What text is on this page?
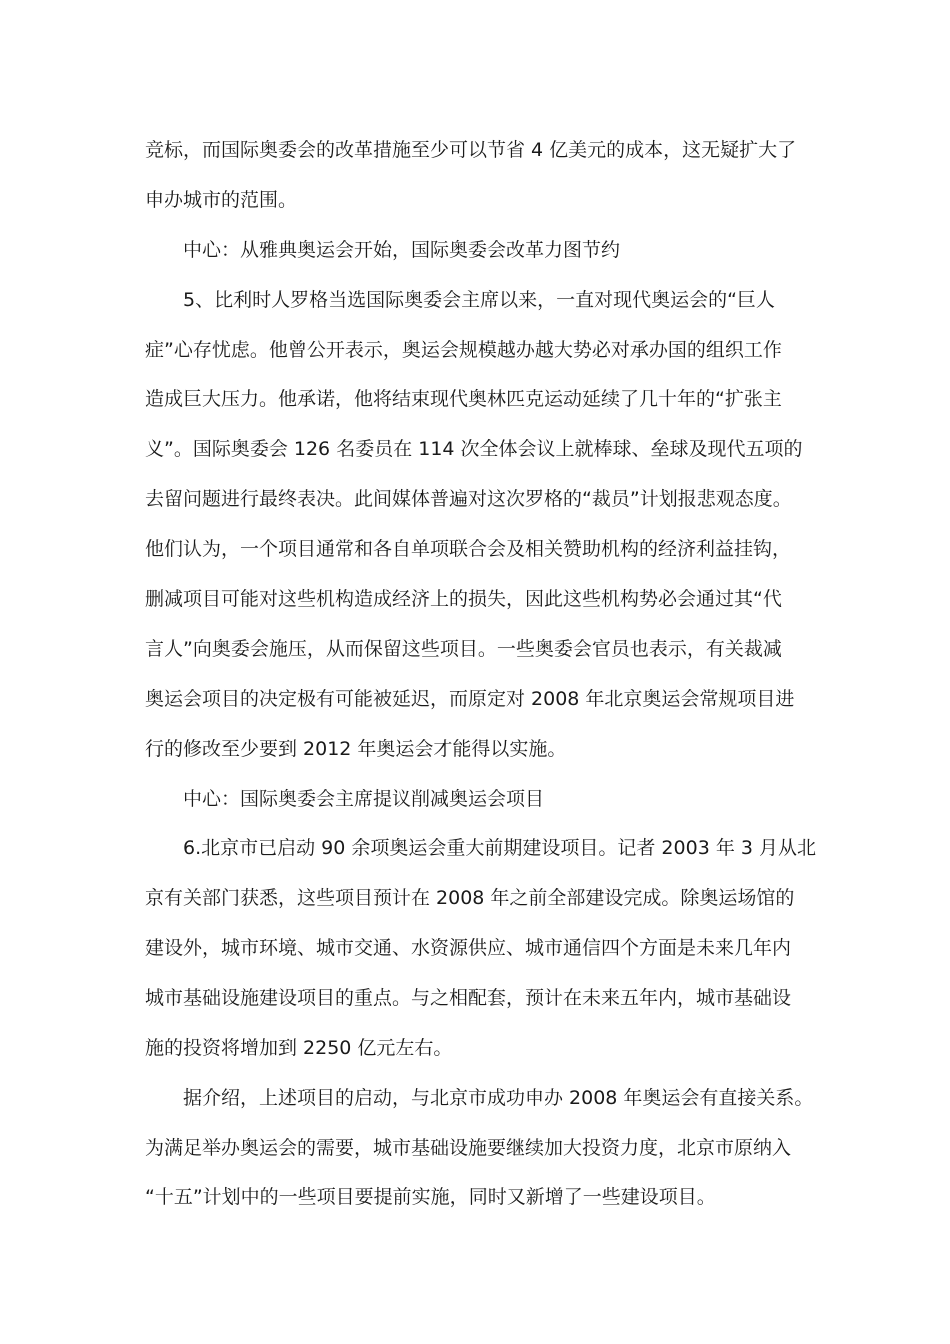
竞标，而国际奥委会的改革措施至少可以节省 4 亿美元的成本，这无疑扩大了

申办城市的范围。

中心：从雅典奥运会开始，国际奥委会改革力图节约

5、比利时人罗格当选国际奥委会主席以来，一直对现代奥运会的“巨人

症”心存忧虑。他曾公开表示，奥运会规模越办越大势必对承办国的组织工作

造成巨大压力。他承诺，他将结束现代奥林匹克运动延续了几十年的“扩张主

义”。国际奥委会 126 名委员在 114 次全体会议上就棒球、垒球及现代五项的

去留问题进行最终表决。此间媒体普遍对这次罗格的“裁员”计划报悲观态度。

他们认为，一个项目通常和各自单项联合会及相关赞助机构的经济利益挂钩，

删减项目可能对这些机构造成经济上的损失，因此这些机构势必会通过其“代

言人”向奥委会施压，从而保留这些项目。一些奥委会官员也表示，有关裁减

奥运会项目的决定极有可能被延迟，而原定对 2008 年北京奥运会常规项目进

行的修改至少要到 2012 年奥运会才能得以实施。

中心：国际奥委会主席提议削减奥运会项目

6.北京市已启动 90 余项奥运会重大前期建设项目。记者 2003 年 3 月从北

京有关部门获悉，这些项目预计在 2008 年之前全部建设完成。除奥运场馆的

建设外，城市环境、城市交通、水资源供应、城市通信四个方面是未来几年内

城市基础设施建设项目的重点。与之相配套，预计在未来五年内，城市基础设

施的投资将增加到 2250 亿元左右。

据介绍，上述项目的启动，与北京市成功申办 2008 年奥运会有直接关系。

为满足举办奥运会的需要，城市基础设施要继续加大投资力度，北京市原纳入

“十五”计划中的一些项目要提前实施，同时又新增了一些建设项目。
